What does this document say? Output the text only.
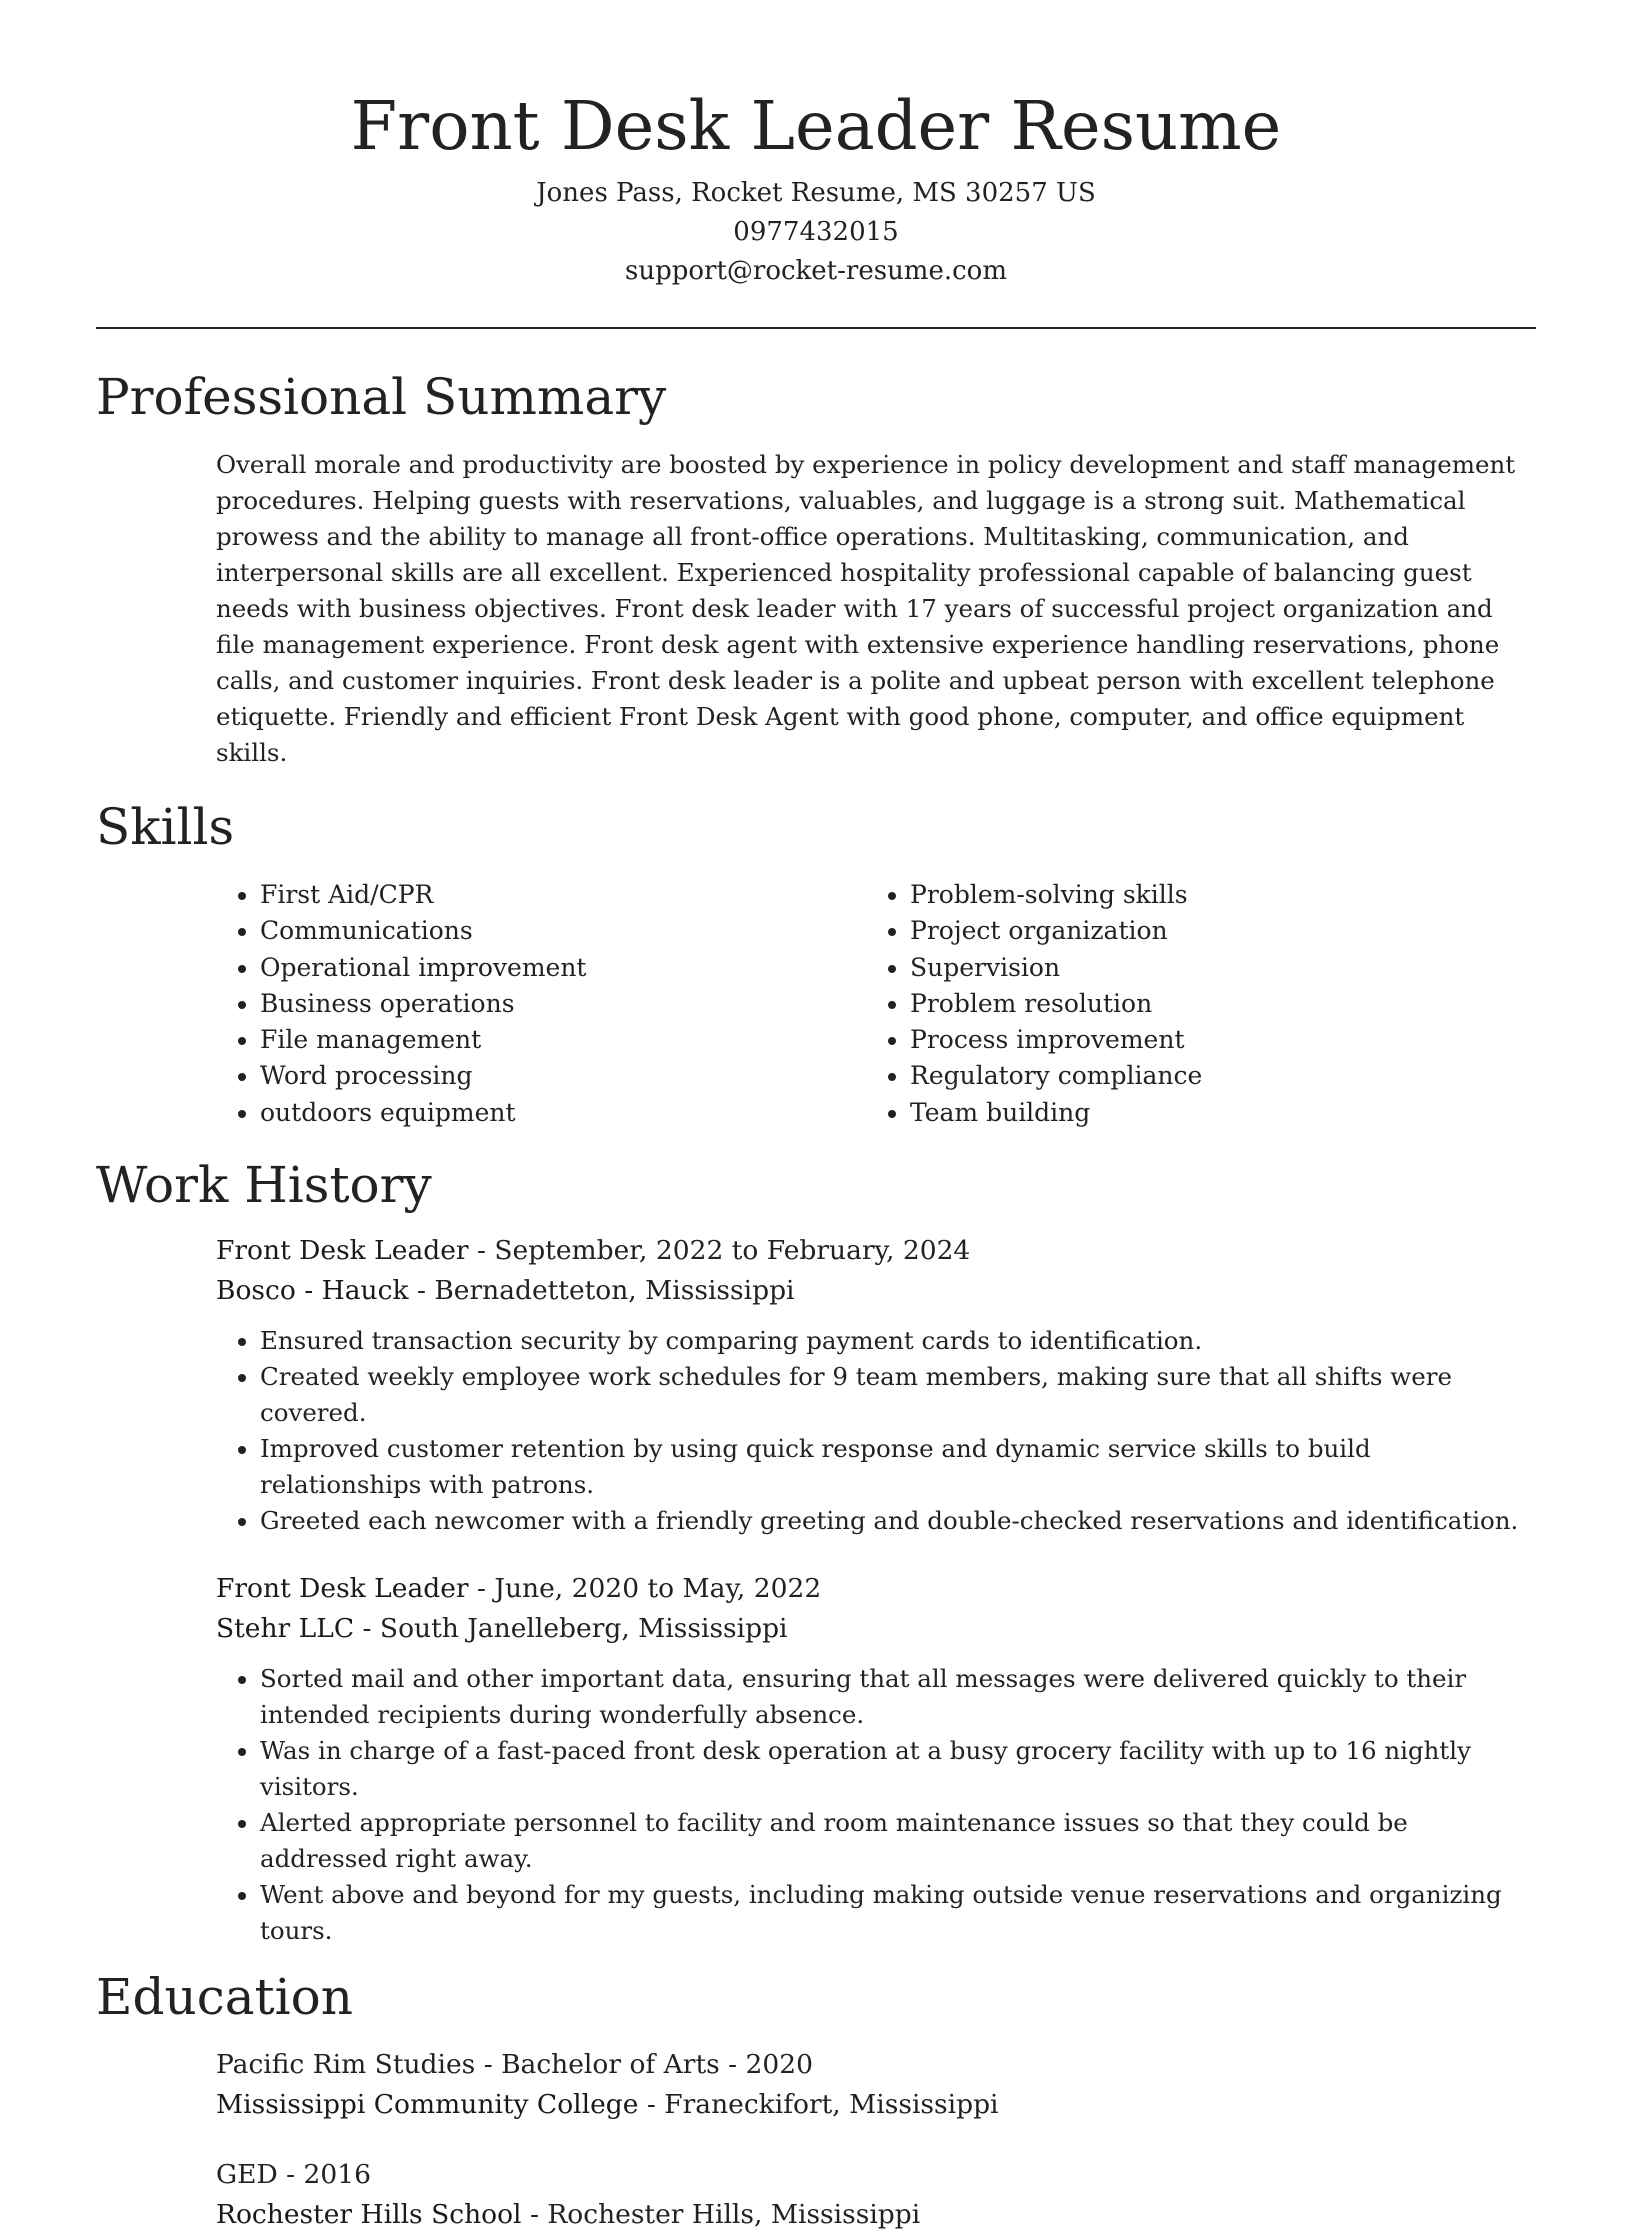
Front Desk Leader Resume
Jones Pass, Rocket Resume, MS 30257 US
0977432015
support@rocket-resume.com
Professional Summary
Overall morale and productivity are boosted by experience in policy development and staff management procedures. Helping guests with reservations, valuables, and luggage is a strong suit. Mathematical prowess and the ability to manage all front-office operations. Multitasking, communication, and interpersonal skills are all excellent. Experienced hospitality professional capable of balancing guest needs with business objectives. Front desk leader with 17 years of successful project organization and file management experience. Front desk agent with extensive experience handling reservations, phone calls, and customer inquiries. Front desk leader is a polite and upbeat person with excellent telephone etiquette. Friendly and efficient Front Desk Agent with good phone, computer, and office equipment skills.
Skills
• First Aid/CPR
• Communications
• Operational improvement
• Business operations
• File management
• Word processing
• outdoors equipment
• Problem-solving skills
• Project organization
• Supervision
• Problem resolution
• Process improvement
• Regulatory compliance
• Team building
Work History
Front Desk Leader - September, 2022 to February, 2024
Bosco - Hauck - Bernadetteton, Mississippi
• Ensured transaction security by comparing payment cards to identification.
• Created weekly employee work schedules for 9 team members, making sure that all shifts were covered.
• Improved customer retention by using quick response and dynamic service skills to build relationships with patrons.
• Greeted each newcomer with a friendly greeting and double-checked reservations and identification.
Front Desk Leader - June, 2020 to May, 2022
Stehr LLC - South Janelleberg, Mississippi
• Sorted mail and other important data, ensuring that all messages were delivered quickly to their intended recipients during wonderfully absence.
• Was in charge of a fast-paced front desk operation at a busy grocery facility with up to 16 nightly visitors.
• Alerted appropriate personnel to facility and room maintenance issues so that they could be addressed right away.
• Went above and beyond for my guests, including making outside venue reservations and organizing tours.
Education
Pacific Rim Studies - Bachelor of Arts - 2020
Mississippi Community College - Franeckifort, Mississippi
GED - 2016
Rochester Hills School - Rochester Hills, Mississippi
